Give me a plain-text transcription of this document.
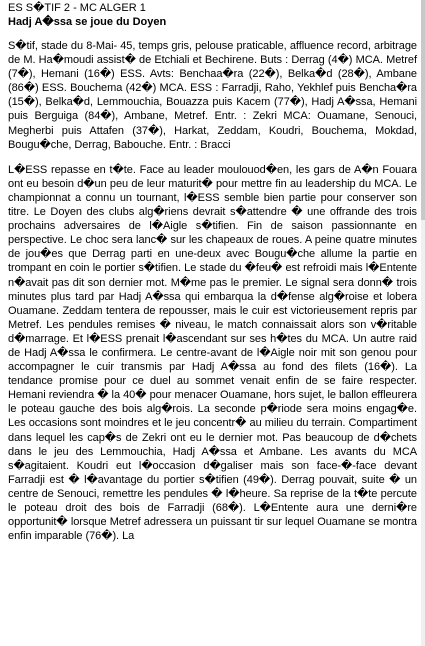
ES S�TIF 2 - MC ALGER 1

Hadj A�ssa se joue du Doyen

S�tif, stade du 8-Mai- 45, temps gris, pelouse praticable, affluence record, arbitrage de M. Ha�moudi assist� de Etchiali et Bechirene. Buts : Derrag (4�) MCA. Metref (7�), Hemani (16�) ESS. Avts: Benchaa�ra (22�), Belka�d (28�), Ambane (86�) ESS. Bouchema (42�) MCA. ESS : Farradji, Raho, Yekhlef puis Bencha�ra (15�), Belka�d, Lemmouchia, Bouazza puis Kacem (77�), Hadj A�ssa, Hemani puis Berguiga (84�), Ambane, Metref. Entr. : Zekri MCA: Ouamane, Senouci, Megherbi puis Attafen (37�), Harkat, Zeddam, Koudri, Bouchema, Mokdad, Bougu�che, Derrag, Babouche. Entr. : Bracci

L�ESS repasse en t�te. Face au leader moulouod�en, les gars de A�n Fouara ont eu besoin d�un peu de leur maturit� pour mettre fin au leadership du MCA. Le championnat a connu un tournant, l�ESS semble bien partie pour conserver son titre. Le Doyen des clubs alg�riens devrait s�attendre � une offrande des trois prochains adversaires de l�Aigle s�tifien. Fin de saison passionnante en perspective. Le choc sera lanc� sur les chapeaux de roues. A peine quatre minutes de jou�es que Derrag parti en une-deux avec Bougu�che allume la partie en trompant en coin le portier s�tifien. Le stade du �feu� est refroidi mais l�Entente n�avait pas dit son dernier mot. M�me pas le premier. Le signal sera donn� trois minutes plus tard par Hadj A�ssa qui embarqua la d�fense alg�roise et lobera Ouamane. Zeddam tentera de repousser, mais le cuir est victorieusement repris par Metref. Les pendules remises � niveau, le match connaissait alors son v�ritable d�marrage. Et l�ESS prenait l�ascendant sur ses h�tes du MCA. Un autre raid de Hadj A�ssa le confirmera. Le centre-avant de l�Aigle noir mit son genou pour accompagner le cuir transmis par Hadj A�ssa au fond des filets (16�). La tendance promise pour ce duel au sommet venait enfin de se faire respecter. Hemani reviendra � la 40� pour menacer Ouamane, hors sujet, le ballon effleurera le poteau gauche des bois alg�rois. La seconde p�riode sera moins engag�e. Les occasions sont moindres et le jeu concentr� au milieu du terrain. Compartiment dans lequel les cap�s de Zekri ont eu le dernier mot. Pas beaucoup de d�chets dans le jeu des Lemmouchia, Hadj A�ssa et Ambane. Les avants du MCA s�agitaient. Koudri eut l�occasion d�galiser mais son face-�-face devant Farradji est � l�avantage du portier s�tifien (49�). Derrag pouvait, suite � un centre de Senouci, remettre les pendules � l�heure. Sa reprise de la t�te percute le poteau droit des bois de Farradji (68�). L�Entente aura une derni�re opportunit� lorsque Metref adressera un puissant tir sur lequel Ouamane se montra enfin imparable (76�). La
